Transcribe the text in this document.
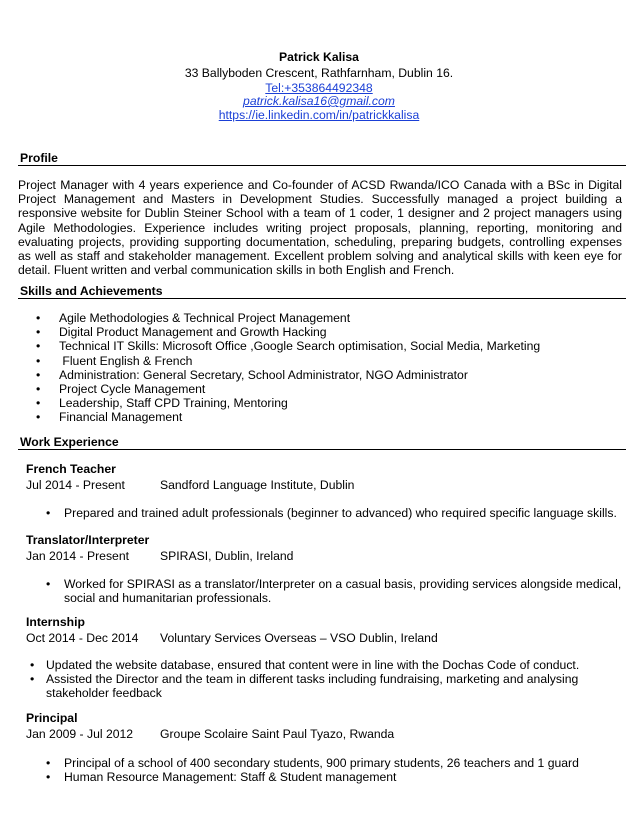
Patrick Kalisa
33 Ballyboden Crescent, Rathfarnham, Dublin 16.
Tel:+353864492348
patrick.kalisa16@gmail.com
https://ie.linkedin.com/in/patrickkalisa
Profile

Project Manager with 4 years experience and Co-founder of ACSD Rwanda/ICO Canada with a BSc in Digital Project Management and Masters in Development Studies. Successfully managed a project building a responsive website for Dublin Steiner School with a team of 1 coder, 1 designer and 2 project managers using Agile Methodologies. Experience includes writing project proposals, planning, reporting, monitoring and evaluating projects, providing supporting documentation, scheduling, preparing budgets, controlling expenses as well as staff and stakeholder management. Excellent problem solving and analytical skills with keen eye for detail. Fluent written and verbal communication skills in both English and French.

Skills and Achievements
• Agile Methodologies & Technical Project Management
• Digital Product Management and Growth Hacking
• Technical IT Skills: Microsoft Office ,Google Search optimisation, Social Media, Marketing
•  Fluent English & French
• Administration: General Secretary, School Administrator, NGO Administrator
• Project Cycle Management
• Leadership, Staff CPD Training, Mentoring
• Financial Management
Work Experience
French Teacher
Jul 2014 - Present	Sandford Language Institute, Dublin
• Prepared and trained adult professionals (beginner to advanced) who required specific language skills.
Translator/Interpreter
Jan 2014 - Present	SPIRASI, Dublin, Ireland
• Worked for SPIRASI as a translator/Interpreter on a casual basis, providing services alongside medical, social and humanitarian professionals.
Internship
Oct 2014 - Dec 2014 Voluntary Services Overseas – VSO Dublin, Ireland
• Updated the website database, ensured that content were in line with the Dochas Code of conduct.
• Assisted the Director and the team in different tasks including fundraising, marketing and analysing stakeholder feedback
Principal
Jan 2009 - Jul 2012 Groupe Scolaire Saint Paul Tyazo, Rwanda
• Principal of a school of 400 secondary students, 900 primary students, 26 teachers and 1 guard
• Human Resource Management: Staff & Student management
